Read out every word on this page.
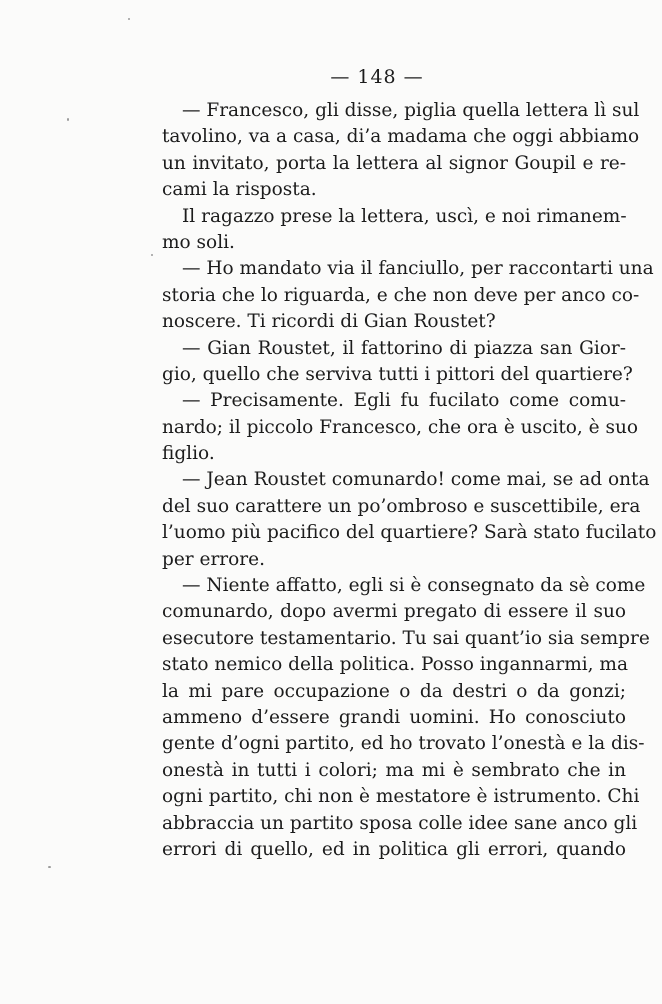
— 148 —
— Francesco, gli disse, piglia quella lettera lì sul
tavolino, va a casa, di’a madama che oggi abbiamo
un invitato, porta la lettera al signor Goupil e re-
cami la risposta.
Il ragazzo prese la lettera, uscì, e noi rimanem-
mo soli.
— Ho mandato via il fanciullo, per raccontarti una
storia che lo riguarda, e che non deve per anco co-
noscere. Ti ricordi di Gian Roustet?
— Gian Roustet, il fattorino di piazza san Gior-
gio, quello che serviva tutti i pittori del quartiere?
— Precisamente. Egli fu fucilato come comu-
nardo; il piccolo Francesco, che ora è uscito, è suo
figlio.
— Jean Roustet comunardo! come mai, se ad onta
del suo carattere un po’ombroso e suscettibile, era
l’uomo più pacifico del quartiere? Sarà stato fucilato
per errore.
— Niente affatto, egli si è consegnato da sè come
comunardo, dopo avermi pregato di essere il suo
esecutore testamentario. Tu sai quant’io sia sempre
stato nemico della politica. Posso ingannarmi, ma
la mi pare occupazione o da destri o da gonzi;
ammeno d’essere grandi uomini. Ho conosciuto
gente d’ogni partito, ed ho trovato l’onestà e la dis-
onestà in tutti i colori; ma mi è sembrato che in
ogni partito, chi non è mestatore è istrumento. Chi
abbraccia un partito sposa colle idee sane anco gli
errori di quello, ed in politica gli errori, quando
